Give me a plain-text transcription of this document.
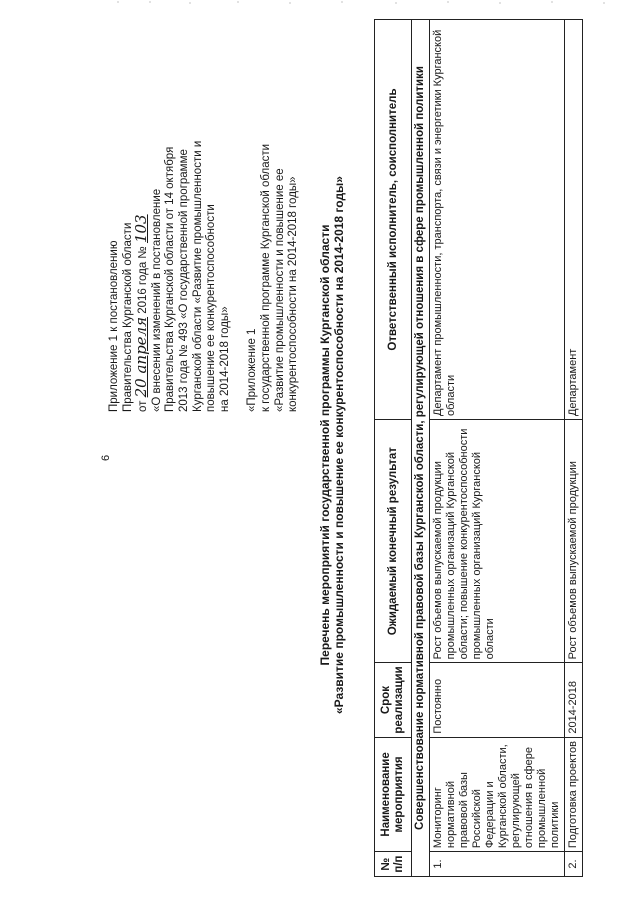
6
Приложение 1 к постановлению Правительства Курганской области от 20 апреля 2016 года № 103 «О внесении изменений в постановление Правительства Курганской области от 14 октября 2013 года № 493 «О государственной программе Курганской области «Развитие промышленности и повышение ее конкурентоспособности на 2014-2018 годы» «Приложение 1 к государственной программе Курганской области «Развитие промышленности и повышение ее конкурентоспособности на 2014-2018 годы» Перечень мероприятий государственной программы Курганской области «Развитие промышленности и повышение ее конкурентоспособности на 2014-2018 годы»
№ п/п	Наименование мероприятия	Срок реализации	Ожидаемый конечный результат	Ответственный исполнитель, соисполнитель
Совершенствование нормативной правовой базы Курганской области, регулирующей отношения в сфере промышленной политики				
1.	Мониторинг нормативной правовой базы Российской Федерации и Курганской области, регулирующей отношения в сфере промышленной политики	Постоянно	Рост объемов выпускаемой продукции промышленных организаций Курганской области; повышение конкурентоспособности промышленных организаций Курганской области	Департамент промышленности, транспорта, связи и энергетики Курганской области
2.	Подготовка проектов	2014-2018	Рост объемов выпускаемой продукции	Департамент
